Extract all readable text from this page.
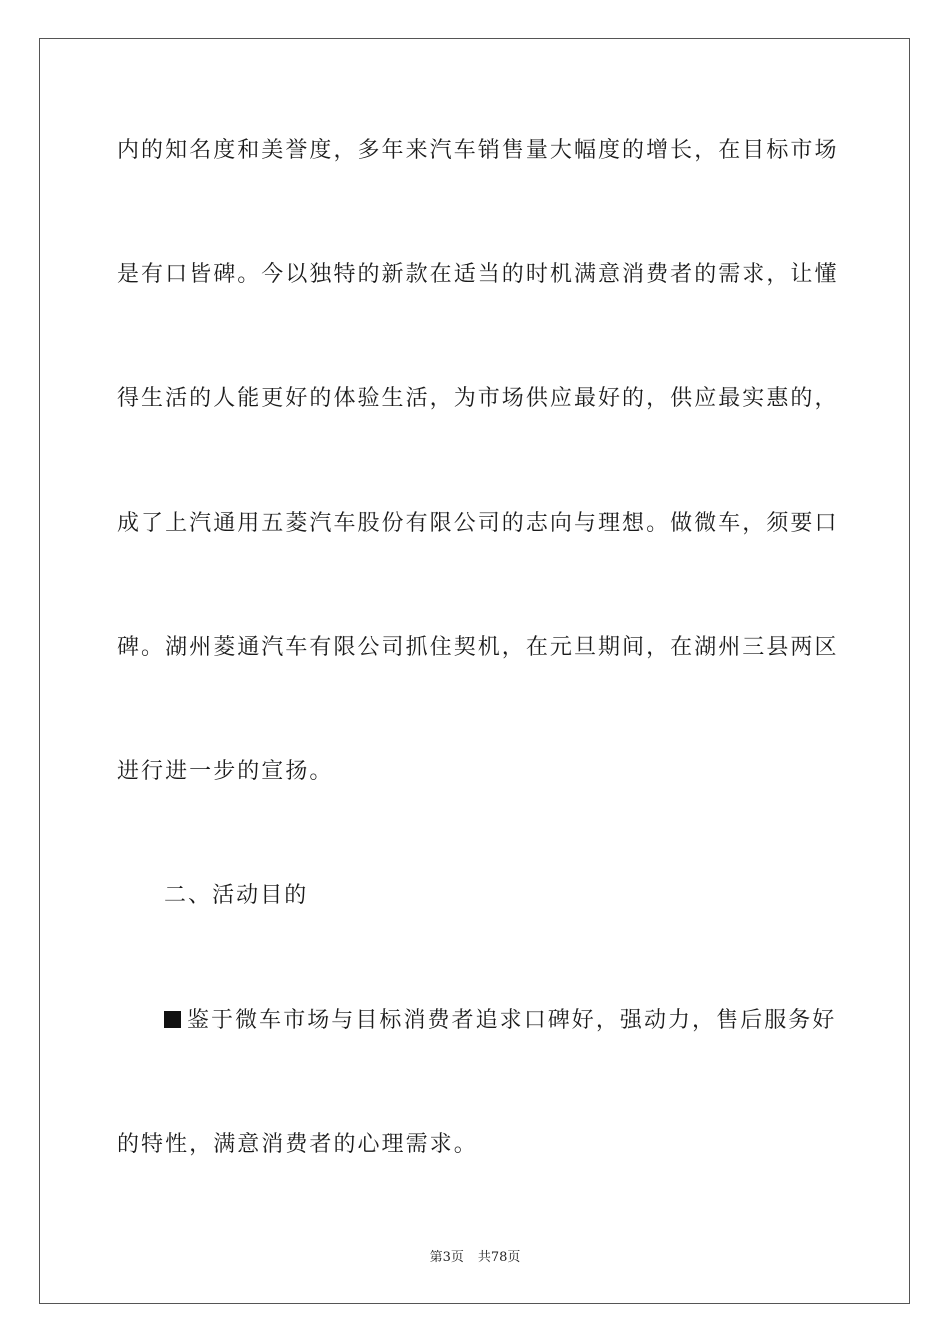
内的知名度和美誉度，多年来汽车销售量大幅度的增长，在目标市场
是有口皆碑。今以独特的新款在适当的时机满意消费者的需求，让懂
得生活的人能更好的体验生活，为市场供应最好的，供应最实惠的，
成了上汽通用五菱汽车股份有限公司的志向与理想。做微车，须要口
碑。湖州菱通汽车有限公司抓住契机，在元旦期间，在湖州三县两区
进行进一步的宣扬。
二、活动目的
鉴于微车市场与目标消费者追求口碑好，强动力，售后服务好
的特性，满意消费者的心理需求。
第3页 共78页
